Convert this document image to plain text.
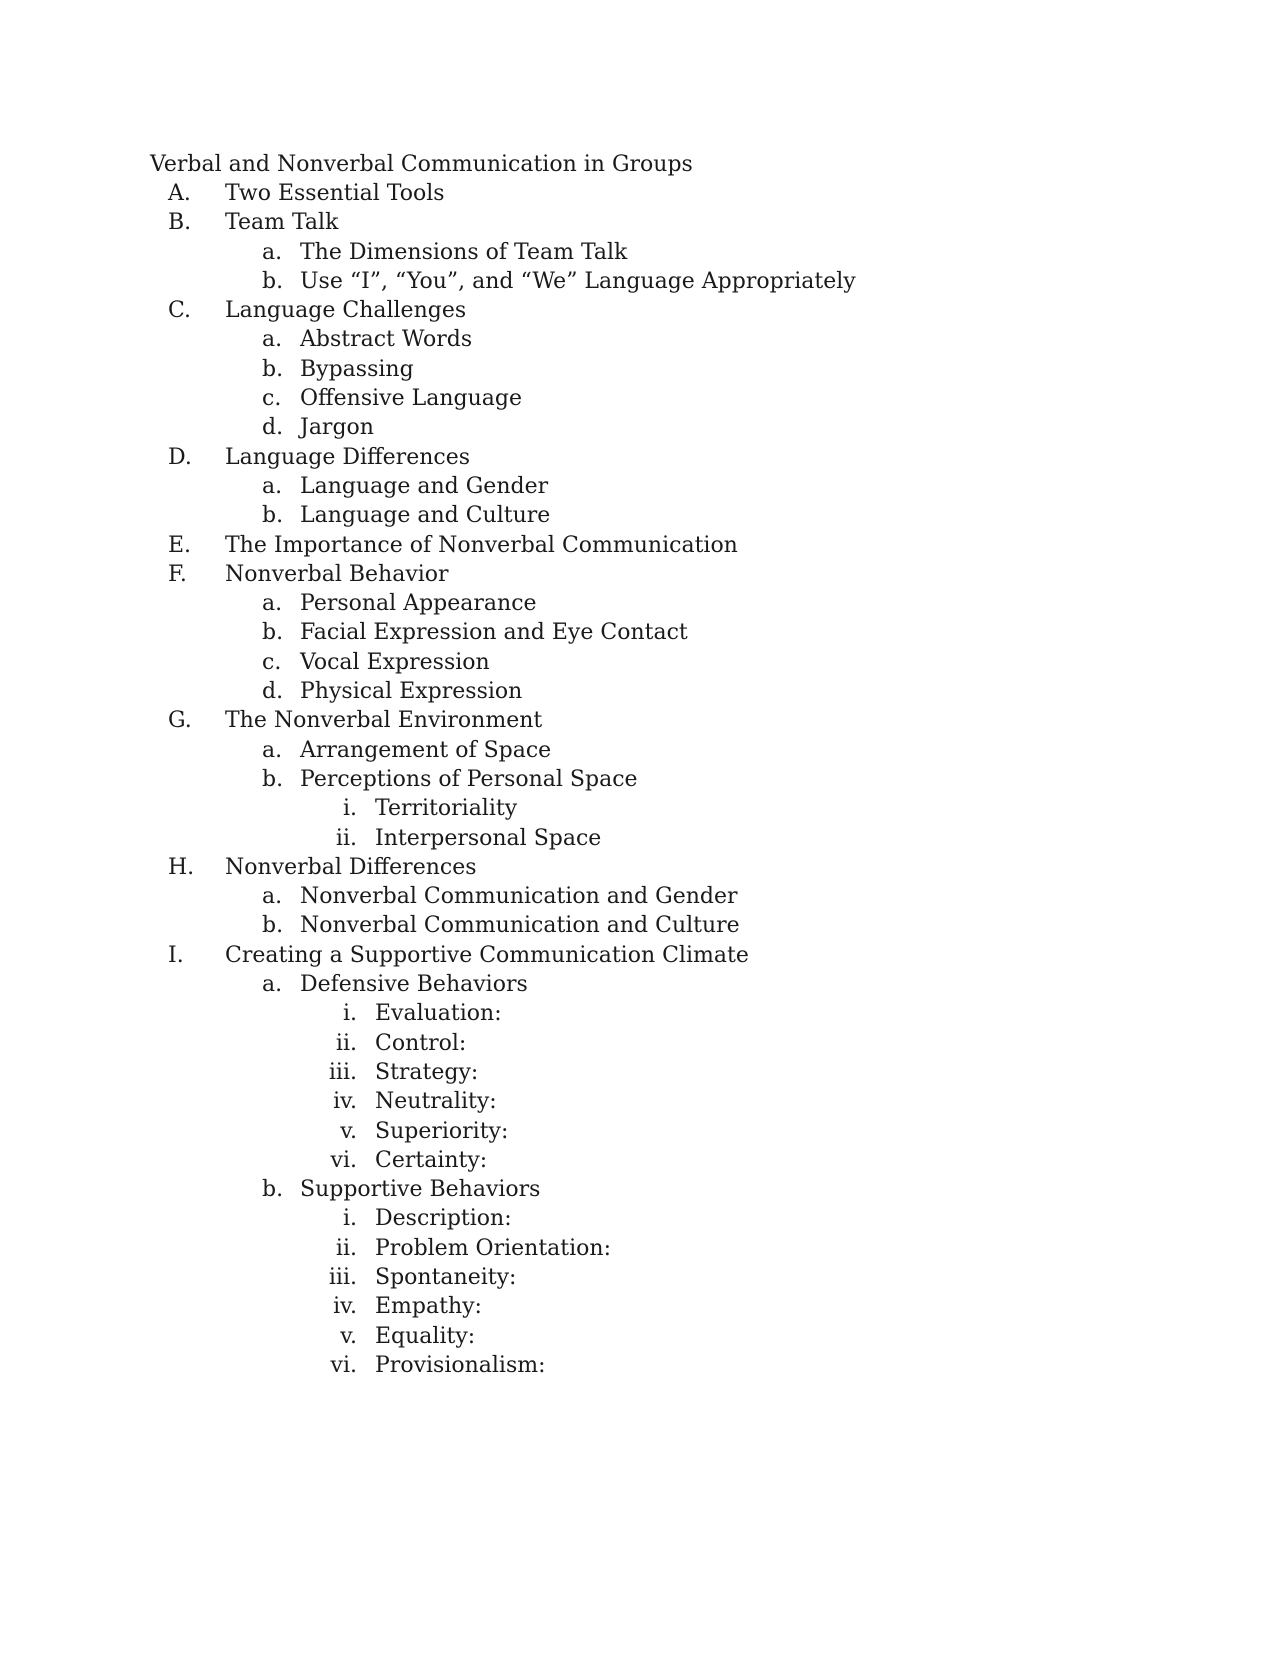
Verbal and Nonverbal Communication in Groups
A.	Two Essential Tools
B.	Team Talk
a. The Dimensions of Team Talk
b. Use “I”, “You”, and “We” Language Appropriately
C.	Language Challenges
a. Abstract Words
b. Bypassing
c. Offensive Language
d. Jargon
D.	Language Differences
a. Language and Gender
b. Language and Culture
E.	The Importance of Nonverbal Communication
F.	Nonverbal Behavior
a. Personal Appearance
b. Facial Expression and Eye Contact
c. Vocal Expression
d. Physical Expression
G.	The Nonverbal Environment
a. Arrangement of Space
b. Perceptions of Personal Space
i. Territoriality
ii. Interpersonal Space
H.	Nonverbal Differences
a. Nonverbal Communication and Gender
b. Nonverbal Communication and Culture
I.	Creating a Supportive Communication Climate
a. Defensive Behaviors
i. Evaluation:
ii. Control:
iii. Strategy:
iv. Neutrality:
v. Superiority:
vi. Certainty:
b. Supportive Behaviors
i. Description:
ii. Problem Orientation:
iii. Spontaneity:
iv. Empathy:
v. Equality:
vi. Provisionalism:
